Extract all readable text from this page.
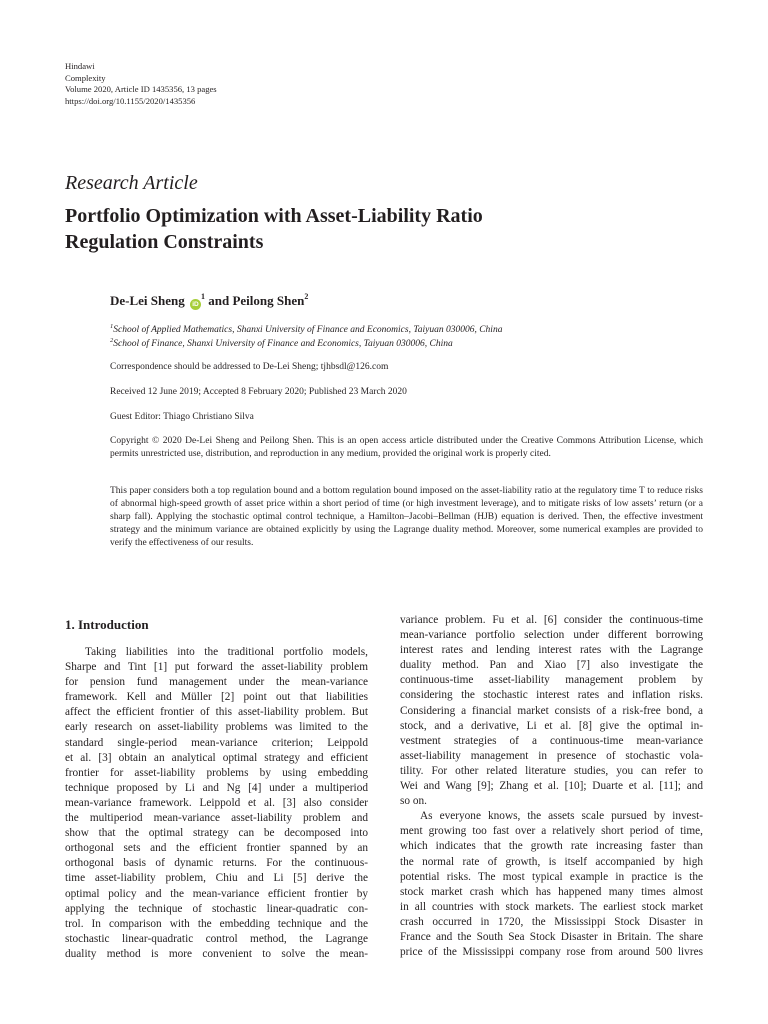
Hindawi
Complexity
Volume 2020, Article ID 1435356, 13 pages
https://doi.org/10.1155/2020/1435356
Research Article
Portfolio Optimization with Asset-Liability Ratio
Regulation Constraints
De-Lei Sheng $iD^1$ and Peilong Shen$^2$
$^1$School of Applied Mathematics, Shanxi University of Finance and Economics, Taiyuan 030006, China
$^2$School of Finance, Shanxi University of Finance and Economics, Taiyuan 030006, China
Correspondence should be addressed to De-Lei Sheng; tjhbsdl@126.com
Received 12 June 2019; Accepted 8 February 2020; Published 23 March 2020
Guest Editor: Thiago Christiano Silva
Copyright © 2020 De-Lei Sheng and Peilong Shen. This is an open access article distributed under the Creative Commons Attribution License, which permits unrestricted use, distribution, and reproduction in any medium, provided the original work is properly cited.
This paper considers both a top regulation bound and a bottom regulation bound imposed on the asset-liability ratio at the regulatory time T to reduce risks of abnormal high-speed growth of asset price within a short period of time (or high investment leverage), and to mitigate risks of low assets’ return (or a sharp fall). Applying the stochastic optimal control technique, a Hamilton–Jacobi–Bellman (HJB) equation is derived. Then, the effective investment strategy and the minimum variance are obtained explicitly by using the Lagrange duality method. Moreover, some numerical examples are provided to verify the effectiveness of our results.
1. Introduction
Taking liabilities into the traditional portfolio models,
Sharpe and Tint [1] put forward the asset-liability problem
for pension fund management under the mean-variance
framework. Kell and Müller [2] point out that liabilities
affect the efficient frontier of this asset-liability problem. But
early research on asset-liability problems was limited to the
standard single-period mean-variance criterion; Leippold
et al. [3] obtain an analytical optimal strategy and efficient
frontier for asset-liability problems by using embedding
technique proposed by Li and Ng [4] under a multiperiod
mean-variance framework. Leippold et al. [3] also consider
the multiperiod mean-variance asset-liability problem and
show that the optimal strategy can be decomposed into
orthogonal sets and the efficient frontier spanned by an
orthogonal basis of dynamic returns. For the continuous-
time asset-liability problem, Chiu and Li [5] derive the
optimal policy and the mean-variance efficient frontier by
applying the technique of stochastic linear-quadratic con-
trol. In comparison with the embedding technique and the
stochastic linear-quadratic control method, the Lagrange
duality method is more convenient to solve the mean-
variance problem. Fu et al. [6] consider the continuous-time
mean-variance portfolio selection under different borrowing
interest rates and lending interest rates with the Lagrange
duality method. Pan and Xiao [7] also investigate the
continuous-time asset-liability management problem by
considering the stochastic interest rates and inflation risks.
Considering a financial market consists of a risk-free bond, a
stock, and a derivative, Li et al. [8] give the optimal in-
vestment strategies of a continuous-time mean-variance
asset-liability management in presence of stochastic vola-
tility. For other related literature studies, you can refer to
Wei and Wang [9]; Zhang et al. [10]; Duarte et al. [11]; and
so on.
As everyone knows, the assets scale pursued by invest-
ment growing too fast over a relatively short period of time,
which indicates that the growth rate increasing faster than
the normal rate of growth, is itself accompanied by high
potential risks. The most typical example in practice is the
stock market crash which has happened many times almost
in all countries with stock markets. The earliest stock market
crash occurred in 1720, the Mississippi Stock Disaster in
France and the South Sea Stock Disaster in Britain. The share
price of the Mississippi company rose from around 500 livres
